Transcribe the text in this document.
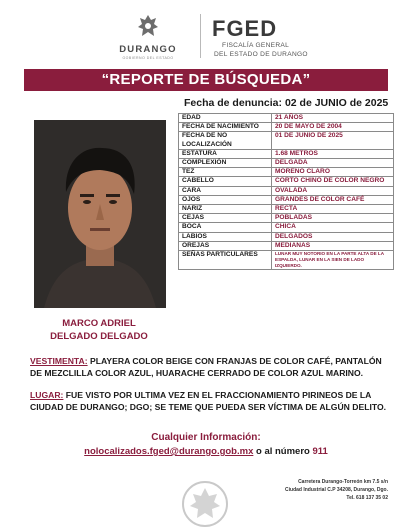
DURANGO
GOBIERNO DEL ESTADO
FGED
FISCALÍA GENERAL
DEL ESTADO DE DURANGO
“REPORTE DE BÚSQUEDA”
Fecha de denuncia: 02 de JUNIO de 2025
MARCO ADRIEL
DELGADO DELGADO
EDAD	21 AÑOS
FECHA DE NACIMIENTO	20 DE MAYO DE 2004
FECHA DE NO LOCALIZACIÓN	01 DE JUNIO DE 2025
ESTATURA	1.68 METROS
COMPLEXIÓN	DELGADA
TEZ	MORENO CLARO
CABELLO	CORTO CHINO DE COLOR NEGRO
CARA	OVALADA
OJOS	GRANDES DE COLOR CAFÉ
NARIZ	RECTA
CEJAS	POBLADAS
BOCA	CHICA
LABIOS	DELGADOS
OREJAS	MEDIANAS
SEÑAS PARTICULARES	LUNAR MUY NOTORIO EN LA PARTE ALTA DE LA ESPALDA, LUNAR EN LA SIEN DE LADO IZQUIERDO.
VESTIMENTA: PLAYERA COLOR BEIGE CON FRANJAS DE COLOR CAFÉ, PANTALÓN DE MEZCLILLA COLOR AZUL, HUARACHE CERRADO DE COLOR AZUL MARINO.
LUGAR: FUE VISTO POR ULTIMA VEZ EN EL FRACCIONAMIENTO PIRINEOS DE LA CIUDAD DE DURANGO; DGO; SE TEME QUE PUEDA SER VÍCTIMA DE ALGÚN DELITO.
Cualquier Información:
nolocalizados.fged@durango.gob.mx o al número 911
Carretera Durango-Torreón km 7.5 s/n
Ciudad Industrial C.P 34208, Durango, Dgo.
Tel. 618 137 35 02
